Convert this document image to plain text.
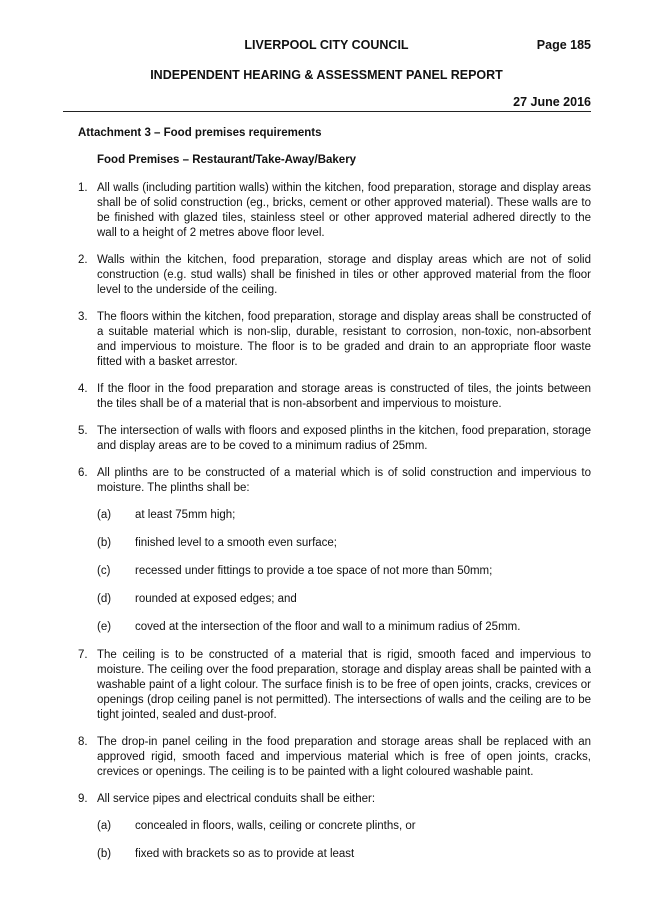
LIVERPOOL CITY COUNCIL	Page 185
INDEPENDENT HEARING & ASSESSMENT PANEL REPORT
27 June 2016
Attachment 3 – Food premises requirements
Food Premises – Restaurant/Take-Away/Bakery
1. All walls (including partition walls) within the kitchen, food preparation, storage and display areas shall be of solid construction (eg., bricks, cement or other approved material). These walls are to be finished with glazed tiles, stainless steel or other approved material adhered directly to the wall to a height of 2 metres above floor level.
2. Walls within the kitchen, food preparation, storage and display areas which are not of solid construction (e.g. stud walls) shall be finished in tiles or other approved material from the floor level to the underside of the ceiling.
3. The floors within the kitchen, food preparation, storage and display areas shall be constructed of a suitable material which is non-slip, durable, resistant to corrosion, non-toxic, non-absorbent and impervious to moisture. The floor is to be graded and drain to an appropriate floor waste fitted with a basket arrestor.
4. If the floor in the food preparation and storage areas is constructed of tiles, the joints between the tiles shall be of a material that is non-absorbent and impervious to moisture.
5. The intersection of walls with floors and exposed plinths in the kitchen, food preparation, storage and display areas are to be coved to a minimum radius of 25mm.
6. All plinths are to be constructed of a material which is of solid construction and impervious to moisture. The plinths shall be:
(a)	at least 75mm high;
(b)	finished level to a smooth even surface;
(c)	recessed under fittings to provide a toe space of not more than 50mm;
(d)	rounded at exposed edges; and
(e)	coved at the intersection of the floor and wall to a minimum radius of 25mm.
7. The ceiling is to be constructed of a material that is rigid, smooth faced and impervious to moisture. The ceiling over the food preparation, storage and display areas shall be painted with a washable paint of a light colour. The surface finish is to be free of open joints, cracks, crevices or openings (drop ceiling panel is not permitted). The intersections of walls and the ceiling are to be tight jointed, sealed and dust-proof.
8. The drop-in panel ceiling in the food preparation and storage areas shall be replaced with an approved rigid, smooth faced and impervious material which is free of open joints, cracks, crevices or openings. The ceiling is to be painted with a light coloured washable paint.
9. All service pipes and electrical conduits shall be either:
(a)	concealed in floors, walls, ceiling or concrete plinths, or
(b)	fixed with brackets so as to provide at least
